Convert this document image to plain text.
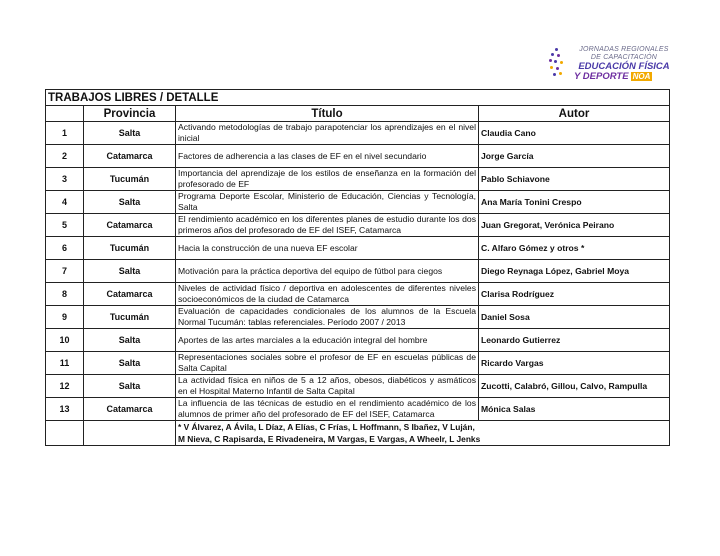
JORNADAS REGIONALES
DE CAPACITACIÓN
EDUCACIÓN FÍSICA
Y DEPORTE NOA
TRABAJOS LIBRES / DETALLE			
	Provincia	Título	Autor
1	Salta	Activando metodologías de trabajo parapotenciar los aprendizajes en el nivel inicial	Claudia Cano
2	Catamarca	Factores de adherencia a las clases de EF en el nivel secundario	Jorge García
3	Tucumán	Importancia del aprendizaje de los estilos de enseñanza en la formación del profesorado de EF	Pablo Schiavone
4	Salta	Programa Deporte Escolar, Ministerio de Educación, Ciencias y Tecnología, Salta	Ana María Tonini Crespo
5	Catamarca	El rendimiento académico en los diferentes planes de estudio durante los dos primeros años del profesorado de EF del ISEF, Catamarca	Juan Gregorat, Verónica Peirano
6	Tucumán	Hacia la construcción de una nueva EF escolar	C. Alfaro Gómez y otros *
7	Salta	Motivación para la práctica deportiva del equipo de fútbol para ciegos	Diego Reynaga López, Gabriel Moya
8	Catamarca	Niveles de actividad físico / deportiva en adolescentes de diferentes niveles socioeconómicos de la ciudad de Catamarca	Clarisa Rodríguez
9	Tucumán	Evaluación de capacidades condicionales de los alumnos de la Escuela Normal Tucumán: tablas referenciales. Período 2007 / 2013	Daniel Sosa
10	Salta	Aportes de las artes marciales a la educación integral del hombre	Leonardo Gutierrez
11	Salta	Representaciones sociales sobre el profesor de EF en escuelas públicas de Salta Capital	Ricardo Vargas
12	Salta	La actividad física en niños de 5 a 12 años, obesos, diabéticos y asmáticos en el Hospital Materno Infantil de Salta Capital	Zucotti, Calabró, Gillou, Calvo, Rampulla
13	Catamarca	La influencia de las técnicas de estudio en el rendimiento académico de los alumnos de primer año del profesorado de EF del ISEF, Catamarca	Mónica Salas

		* V Álvarez, A Ávila, L Díaz, A Elías, C Frías, L Hoffmann, S Ibañez, V Luján,
M Nieva, C Rapisarda, E Rivadeneira, M Vargas, E Vargas, A Wheelr, L Jenks	
